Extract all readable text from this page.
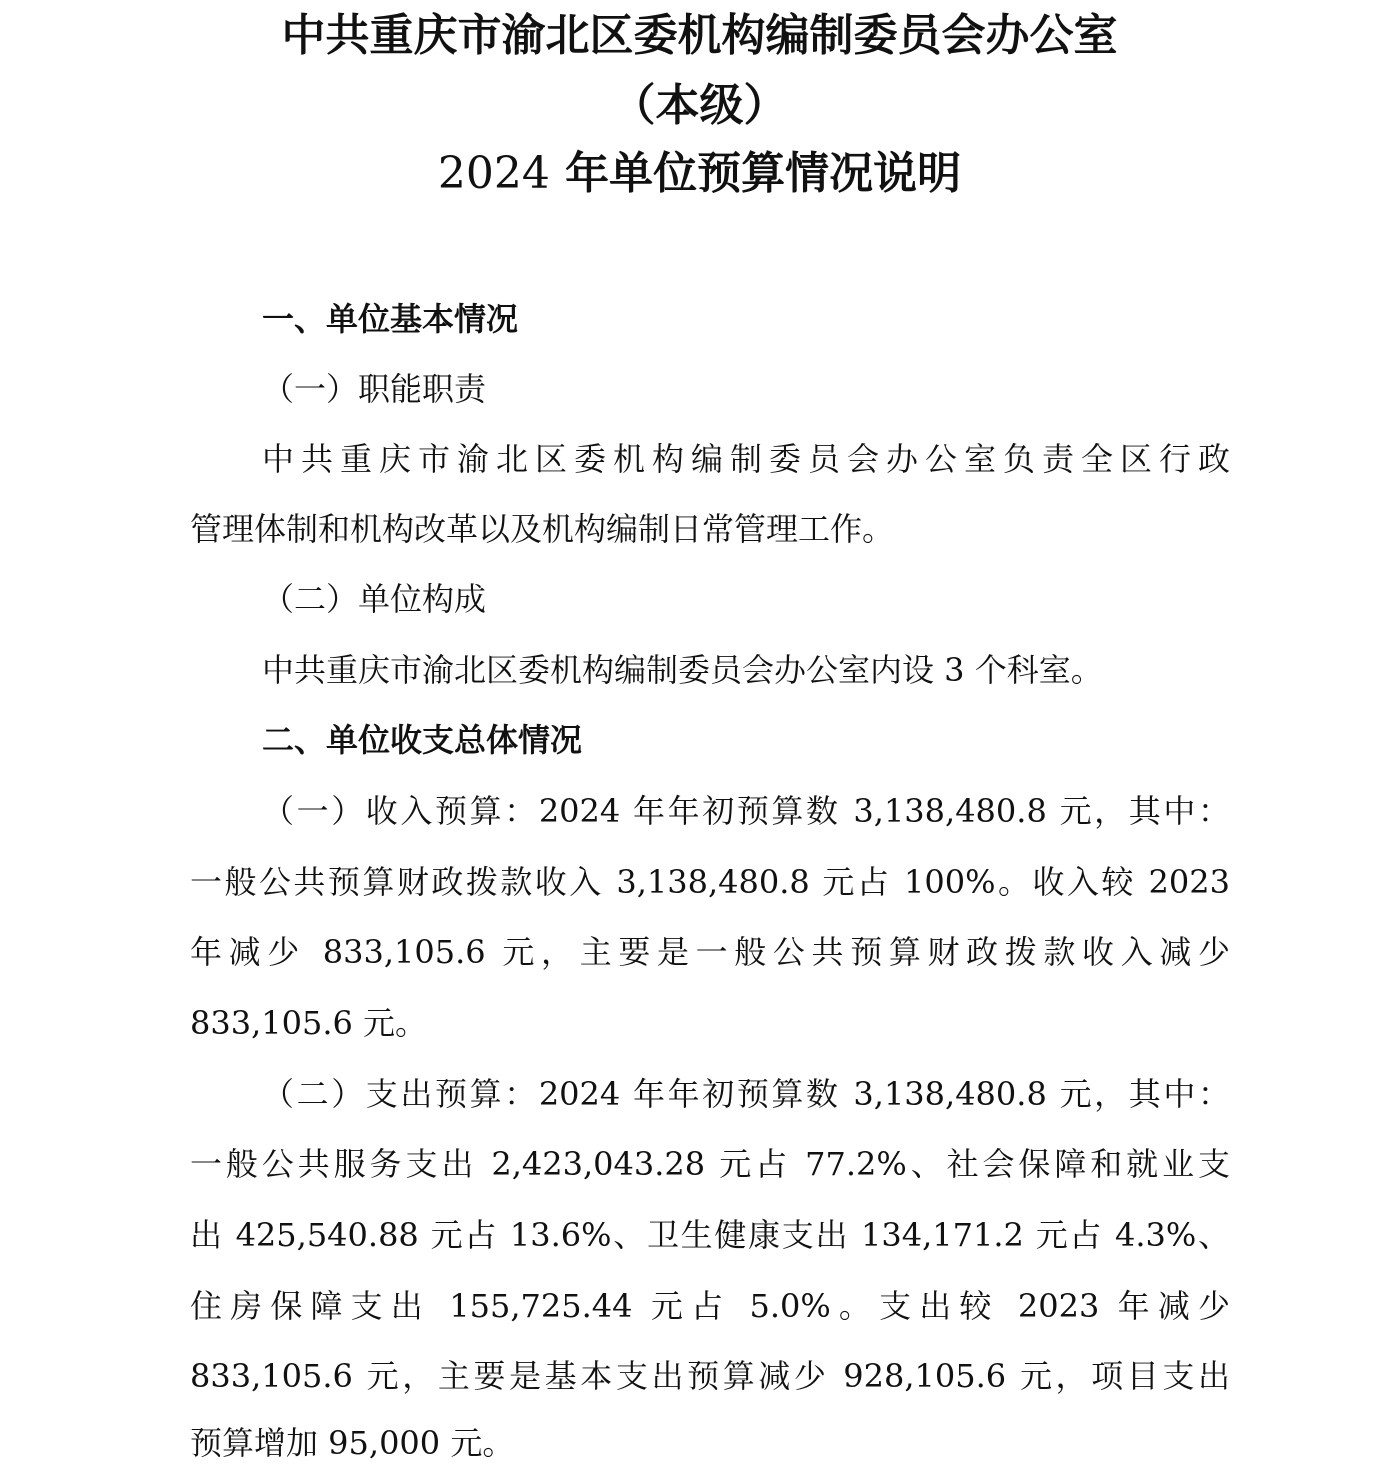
中共重庆市渝北区委机构编制委员会办公室
（本级）
2024 年单位预算情况说明

一、单位基本情况

（一）职能职责

中共重庆市渝北区委机构编制委员会办公室负责全区行政

管理体制和机构改革以及机构编制日常管理工作。

（二）单位构成

中共重庆市渝北区委机构编制委员会办公室内设 3 个科室。

二、单位收支总体情况

（一）收入预算：2024 年年初预算数 3,138,480.8 元，其中：

一般公共预算财政拨款收入 3,138,480.8 元占 100%。收入较 2023

年减少 833,105.6 元，主要是一般公共预算财政拨款收入减少

833,105.6 元。

（二）支出预算：2024 年年初预算数 3,138,480.8 元，其中：

一般公共服务支出 2,423,043.28 元占 77.2%、社会保障和就业支

出 425,540.88 元占 13.6%、卫生健康支出 134,171.2 元占 4.3%、

住房保障支出 155,725.44 元占 5.0%。支出较 2023 年减少

833,105.6 元，主要是基本支出预算减少 928,105.6 元，项目支出

预算增加 95,000 元。
